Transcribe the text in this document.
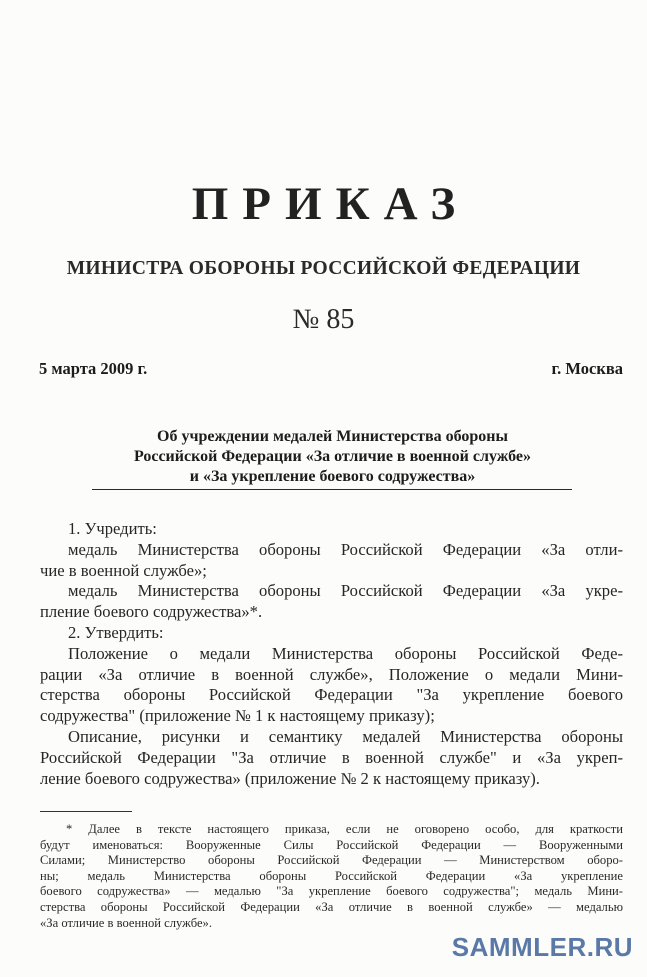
ПРИКАЗ
МИНИСТРА ОБОРОНЫ РОССИЙСКОЙ ФЕДЕРАЦИИ
№ 85
5 марта 2009 г.	г. Москва
Об учреждении медалей Министерства обороны
Российской Федерации «За отличие в военной службе»
и «За укрепление боевого содружества»
1. Учредить:
медаль Министерства обороны Российской Федерации «За отли-
чие в военной службе»;
медаль Министерства обороны Российской Федерации «За укре-
пление боевого содружества»*.
2. Утвердить:
Положение о медали Министерства обороны Российской Феде-
рации «За отличие в военной службе», Положение о медали Мини-
стерства обороны Российской Федерации "За укрепление боевого
содружества" (приложение № 1 к настоящему приказу);
Описание, рисунки и семантику медалей Министерства обороны
Российской Федерации "За отличие в военной службе" и «За укреп-
ление боевого содружества» (приложение № 2 к настоящему приказу).
* Далее в тексте настоящего приказа, если не оговорено особо, для краткости
будут именоваться: Вооруженные Силы Российской Федерации — Вооруженными
Силами; Министерство обороны Российской Федерации — Министерством оборо-
ны; медаль Министерства обороны Российской Федерации «За укрепление
боевого содружества» — медалью "За укрепление боевого содружества"; медаль Мини-
стерства обороны Российской Федерации «За отличие в военной службе» — медалью
«За отличие в военной службе».
SAMMLER.RU
